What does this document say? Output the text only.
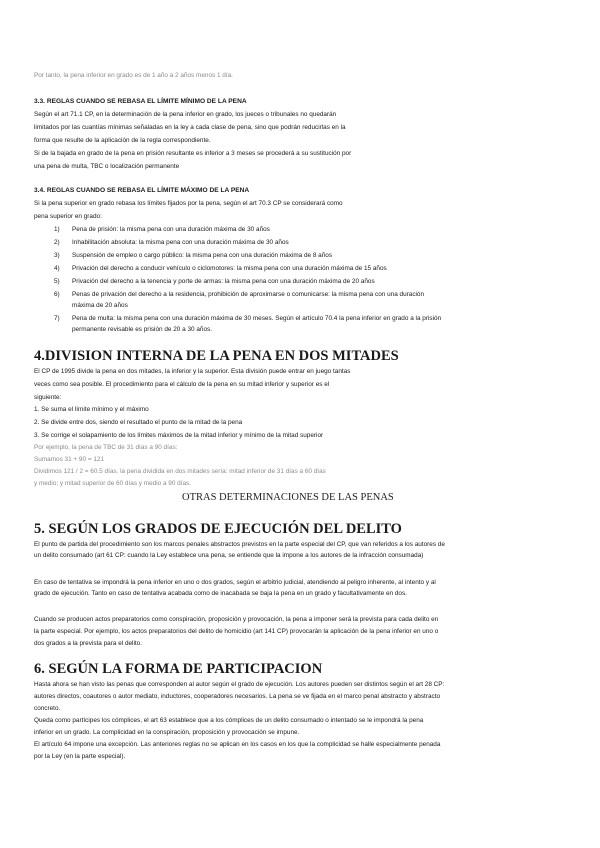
Por tanto, la pena inferior en grado es de 1 año a 2 años menos 1 día.
3.3. REGLAS CUANDO SE REBASA EL LÍMITE MÍNIMO DE LA PENA
Según el art 71.1 CP, en la determinación de la pena inferior en grado, los jueces o tribunales no quedarán
limitados por las cuantías mínimas señaladas en la ley a cada clase de pena, sino que podrán reducirlas en la
forma que resulte de la aplicación de la regla correspondiente.
Si de la bajada en grado de la pena en prisión resultante es inferior a 3 meses se procederá a su sustitución por
una pena de multa, TBC o localización permanente
3.4. REGLAS CUANDO SE REBASA EL LÍMITE MÁXIMO DE LA PENA
Si la pena superior en grado rebasa los límites fijados por la pena, según el art 70.3 CP se considerará como
pena superior en grado:
1) Pena de prisión: la misma pena con una duración máxima de 30 años
2) Inhabilitación absoluta: la misma pena con una duración máxima de 30 años
3) Suspensión de empleo o cargo público: la misma pena con una duración máxima de 8 años
4) Privación del derecho a conducir vehículo o ciclomotores: la misma pena con una duración máxima de 15 años
5) Privación del derecho a la tenencia y porte de armas: la misma pena con una duración máxima de 20 años
6) Penas de privación del derecho a la residencia, prohibición de aproximarse o comunicarse: la misma pena con una duración
máxima de 20 años
7) Pena de multa: la misma pena con una duración máxima de 30 meses. Según el artículo 70.4 la pena inferior en grado a la prisión
permanente revisable es prisión de 20 a 30 años.
4.DIVISION INTERNA DE LA PENA EN DOS MITADES
El CP de 1995 divide la pena en dos mitades, la inferior y la superior. Esta división puede entrar en juego tantas
veces como sea posible. El procedimiento para el cálculo de la pena en su mitad inferior y superior es el
siguiente:
1. Se suma el límite mínimo y el máximo
2. Se divide entre dos, siendo el resultado el punto de la mitad de la pena
3. Se corrige el solapamiento de los límites máximos de la mitad inferior y mínimo de la mitad superior
Por ejemplo, la pena de TBC de 31 días a 90 días:
Sumamos 31 + 90 = 121
Dividimos 121 / 2 = 60.5 días. la pena dividida en dos mitades sería: mitad inferior de 31 días a 60 días
y medio; y mitad superior de 60 días y medio a 90 días.
OTRAS DETERMINACIONES DE LAS PENAS
5. SEGÚN LOS GRADOS DE EJECUCIÓN DEL DELITO
El punto de partida del procedimiento son los marcos penales abstractos previstos en la parte especial del CP, que van referidos a los autores de
un delito consumado (art 61 CP: cuando la Ley establece una pena, se entiende que la impone a los autores de la infracción consumada)
En caso de tentativa se impondrá la pena inferior en uno o dos grados, según el arbitrio judicial, atendiendo al peligro inherente, al intento y al
grado de ejecución. Tanto en caso de tentativa acabada como de inacabada se baja la pena en un grado y facultativamente en dos.
Cuando se producen actos preparatorios como conspiración, proposición y provocación, la pena a imponer será la prevista para cada delito en
la parte especial. Por ejemplo, los actos preparatorios del delito de homicidio (art 141 CP) provocarán la aplicación de la pena inferior en uno o
dos grados a la prevista para el delito.
6. SEGÚN LA FORMA DE PARTICIPACION
Hasta ahora se han visto las penas que corresponden al autor según el grado de ejecución. Los autores pueden ser distintos según el art 28 CP:
autores directos, coautores o autor mediato, inductores, cooperadores necesarios. La pena se ve fijada en el marco penal abstracto y abstracto
concreto.
Queda como partícipes los cómplices, el art 63 establece que a los cómplices de un delito consumado o intentado se le impondrá la pena
inferior en un grado. La complicidad en la conspiración, proposición y provocación se impune.
El artículo 64 impone una excepción. Las anteriores reglas no se aplican en los casos en los que la complicidad se halle especialmente penada
por la Ley (en la parte especial).
